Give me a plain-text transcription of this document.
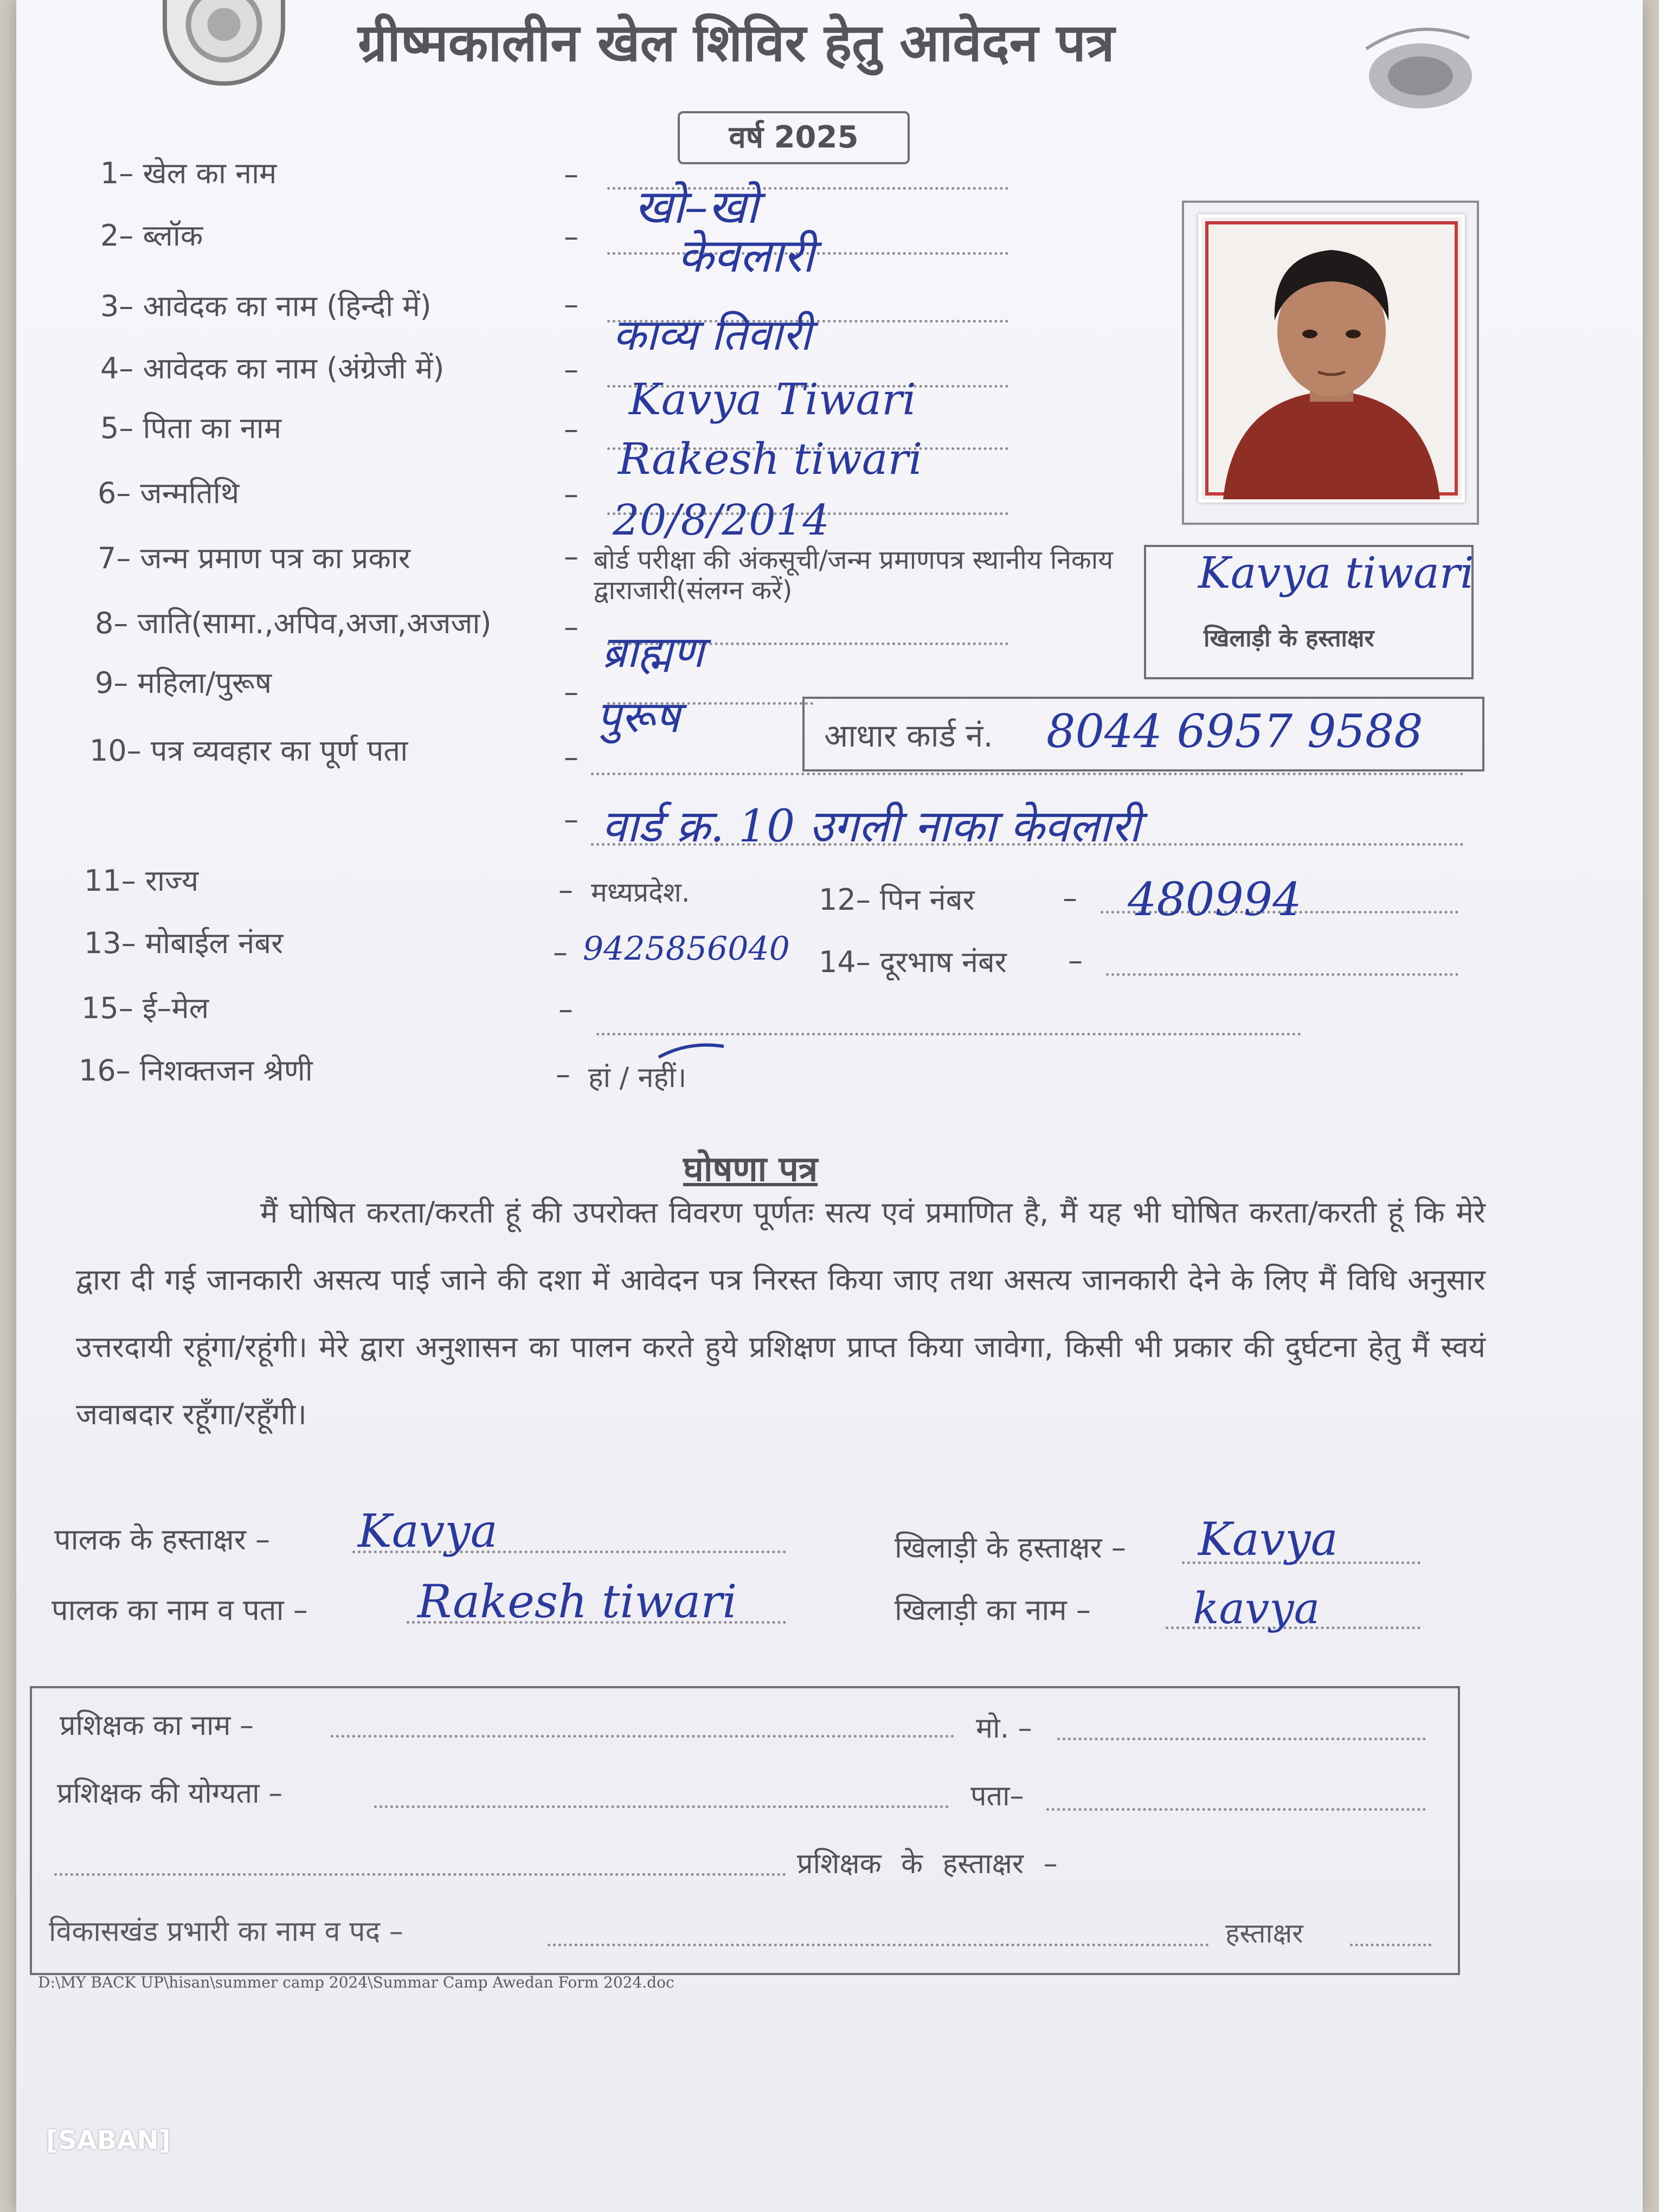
ग्रीष्मकालीन खेल शिविर हेतु आवेदन पत्र
वर्ष 2025
1– खेल का नाम	–
खो–खो
2– ब्लॉक	– केवलारी
3– आवेदक का नाम (हिन्दी में)	–
काव्य तिवारी
4– आवेदक का नाम (अंग्रेजी में)	–
Kavya Tiwari
5– पिता का नाम	–
Rakesh tiwari
6– जन्मतिथि	–
20/8/2014
7– जन्म प्रमाण पत्र का प्रकार	– बोर्ड परीक्षा की अंकसूची/जन्म प्रमाणपत्र स्थानीय निकाय द्वाराजारी(संलग्न करें)	Kavya tiwari
खिलाड़ी के हस्ताक्षर
8– जाति(सामा.,अपिव,अजा,अजजा) – ब्राह्मण
9– महिला/पुरूष	– पुरूष	आधार कार्ड नं. 8044 6957 9588
10– पत्र व्यवहार का पूर्ण पता	–
– वार्ड क्र. 10 उगली नाका केवलारी
11– राज्य	– मध्यप्रदेश.	12– पिन नंबर	– 480994
13– मोबाईल नंबर	– 9425856040 14– दूरभाष नंबर –
15– ई–मेल	–
16– निशक्तजन श्रेणी	– हां / नहीं।
घोषणा पत्र
मैं घोषित करता/करती हूं की उपरोक्त विवरण पूर्णतः सत्य एवं प्रमाणित है, मैं यह भी घोषित करता/करती हूं कि मेरे द्वारा दी गई जानकारी असत्य पाई जाने की दशा में आवेदन पत्र निरस्त किया जाए तथा असत्य जानकारी देने के लिए मैं विधि अनुसार उत्तरदायी रहूंगा/रहूंगी। मेरे द्वारा अनुशासन का पालन करते हुये प्रशिक्षण प्राप्त किया जावेगा, किसी भी प्रकार की दुर्घटना हेतु मैं स्वयं जवाबदार रहूँगा/रहूँगी।
पालक के हस्ताक्षर – Kavya	खिलाड़ी के हस्ताक्षर – Kavya
पालक का नाम व पता – Rakesh tiwari	खिलाड़ी का नाम – kavya
प्रशिक्षक का नाम –	मो. –
प्रशिक्षक की योग्यता –	पता–
प्रशिक्षक के हस्ताक्षर –
विकासखंड प्रभारी का नाम व पद –	हस्ताक्षर
D:\MY BACK UP\hisan\summer camp 2024\Summar Camp Awedan Form 2024.doc
[SABAN]
